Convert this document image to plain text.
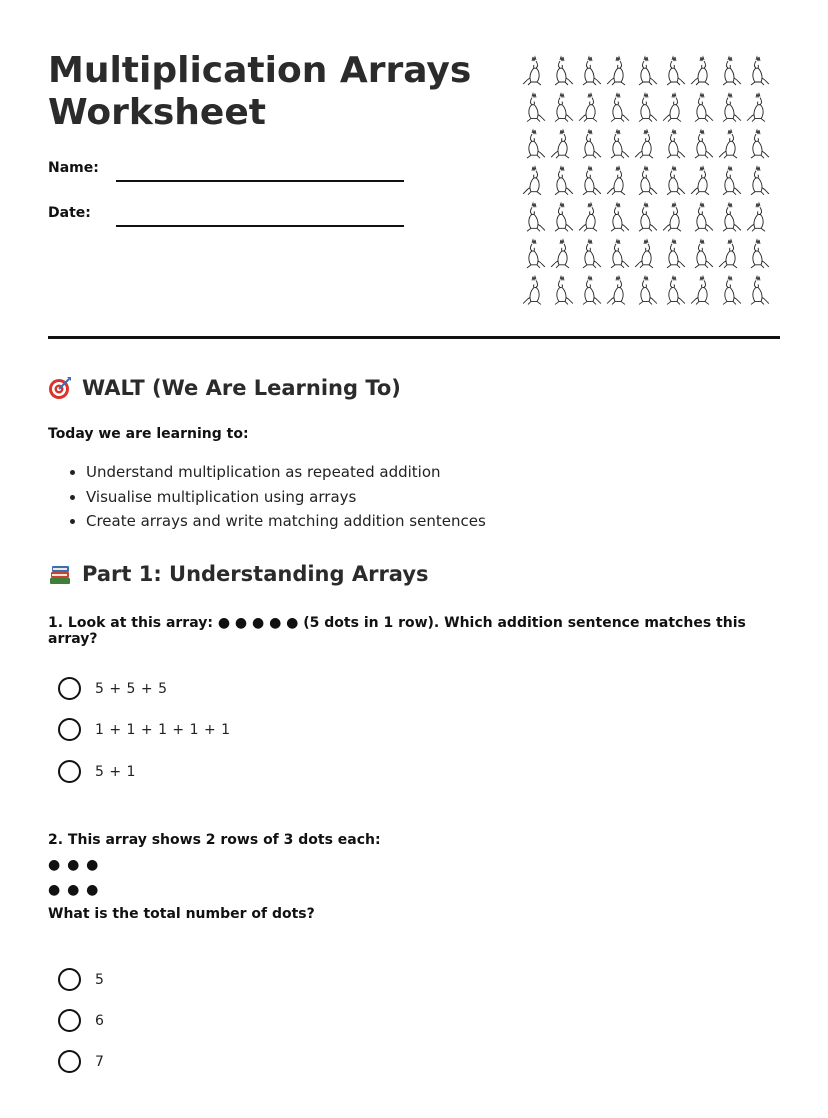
Multiplication Arrays
Worksheet
Name:
Date:
WALT (We Are Learning To)
Today we are learning to:
• Understand multiplication as repeated addition
• Visualise multiplication using arrays
• Create arrays and write matching addition sentences
Part 1: Understanding Arrays
1. Look at this array: ● ● ● ● ● (5 dots in 1 row). Which addition sentence matches this array?
5 + 5 + 5
1 + 1 + 1 + 1 + 1
5 + 1
2. This array shows 2 rows of 3 dots each:
● ● ●
● ● ●
What is the total number of dots?
5
6
7
